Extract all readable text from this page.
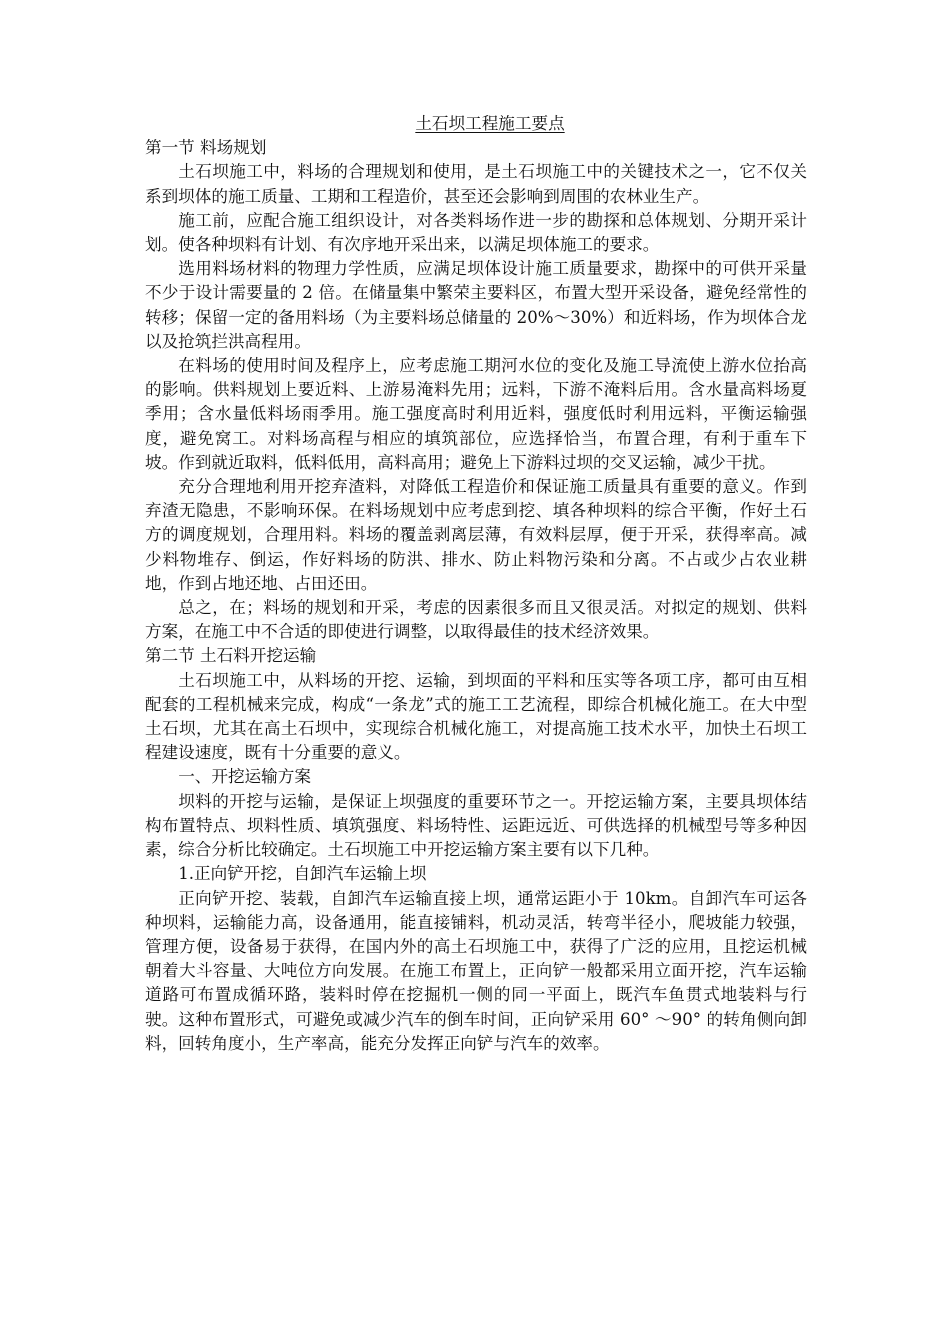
土石坝工程施工要点

第一节 料场规划

土石坝施工中，料场的合理规划和使用，是土石坝施工中的关键技术之一，它不仅关系到坝体的施工质量、工期和工程造价，甚至还会影响到周围的农林业生产。

施工前，应配合施工组织设计，对各类料场作进一步的勘探和总体规划、分期开采计划。使各种坝料有计划、有次序地开采出来，以满足坝体施工的要求。

选用料场材料的物理力学性质，应满足坝体设计施工质量要求，勘探中的可供开采量不少于设计需要量的 2 倍。在储量集中繁荣主要料区，布置大型开采设备，避免经常性的转移；保留一定的备用料场（为主要料场总储量的 20%～30%）和近料场，作为坝体合龙以及抢筑拦洪高程用。

在料场的使用时间及程序上，应考虑施工期河水位的变化及施工导流使上游水位抬高的影响。供料规划上要近料、上游易淹料先用；远料，下游不淹料后用。含水量高料场夏季用；含水量低料场雨季用。施工强度高时利用近料，强度低时利用远料，平衡运输强度，避免窝工。对料场高程与相应的填筑部位，应选择恰当，布置合理，有利于重车下坡。作到就近取料，低料低用，高料高用；避免上下游料过坝的交叉运输，减少干扰。

充分合理地利用开挖弃渣料，对降低工程造价和保证施工质量具有重要的意义。作到弃渣无隐患，不影响环保。在料场规划中应考虑到挖、填各种坝料的综合平衡，作好土石方的调度规划，合理用料。料场的覆盖剥离层薄，有效料层厚，便于开采，获得率高。减少料物堆存、倒运，作好料场的防洪、排水、防止料物污染和分离。不占或少占农业耕地，作到占地还地、占田还田。

总之，在；料场的规划和开采，考虑的因素很多而且又很灵活。对拟定的规划、供料方案，在施工中不合适的即使进行调整，以取得最佳的技术经济效果。

第二节 土石料开挖运输

土石坝施工中，从料场的开挖、运输，到坝面的平料和压实等各项工序，都可由互相配套的工程机械来完成，构成“一条龙”式的施工工艺流程，即综合机械化施工。在大中型土石坝，尤其在高土石坝中，实现综合机械化施工，对提高施工技术水平，加快土石坝工程建设速度，既有十分重要的意义。

一、开挖运输方案

坝料的开挖与运输，是保证上坝强度的重要环节之一。开挖运输方案，主要具坝体结构布置特点、坝料性质、填筑强度、料场特性、运距远近、可供选择的机械型号等多种因素，综合分析比较确定。土石坝施工中开挖运输方案主要有以下几种。

1.正向铲开挖，自卸汽车运输上坝

正向铲开挖、装载，自卸汽车运输直接上坝，通常运距小于 10km。自卸汽车可运各种坝料，运输能力高，设备通用，能直接铺料，机动灵活，转弯半径小，爬坡能力较强，管理方便，设备易于获得，在国内外的高土石坝施工中，获得了广泛的应用，且挖运机械朝着大斗容量、大吨位方向发展。在施工布置上，正向铲一般都采用立面开挖，汽车运输道路可布置成循环路，装料时停在挖掘机一侧的同一平面上，既汽车鱼贯式地装料与行驶。这种布置形式，可避免或减少汽车的倒车时间，正向铲采用 60° ～90° 的转角侧向卸料，回转角度小，生产率高，能充分发挥正向铲与汽车的效率。
